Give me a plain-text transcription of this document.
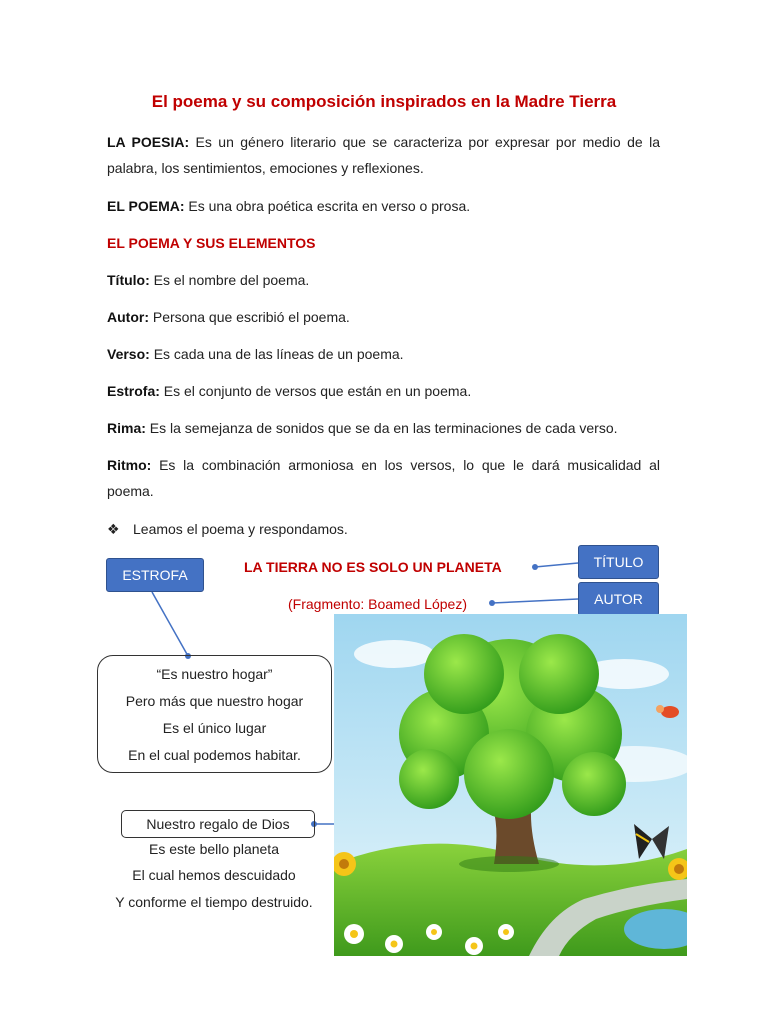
El poema y su composición inspirados en la Madre Tierra
LA POESIA: Es un género literario que se caracteriza por expresar por medio de la palabra, los sentimientos, emociones y reflexiones.
EL POEMA: Es una obra poética escrita en verso o prosa.
EL POEMA Y SUS ELEMENTOS
Título: Es el nombre del poema.
Autor: Persona que escribió el poema.
Verso: Es cada una de las líneas de un poema.
Estrofa: Es el conjunto de versos que están en un poema.
Rima: Es la semejanza de sonidos que se da en las terminaciones de cada verso.
Ritmo: Es la combinación armoniosa en los versos, lo que le dará musicalidad al poema.
❖ Leamos el poema y respondamos.
ESTROFA
TÍTULO
AUTOR
LA TIERRA NO ES SOLO UN PLANETA
(Fragmento: Boamed López)
“Es nuestro hogar”
Pero más que nuestro hogar
Es el único lugar
En el cual podemos habitar.
Nuestro regalo de Dios
Es este bello planeta
El cual hemos descuidado
Y conforme el tiempo destruido.
